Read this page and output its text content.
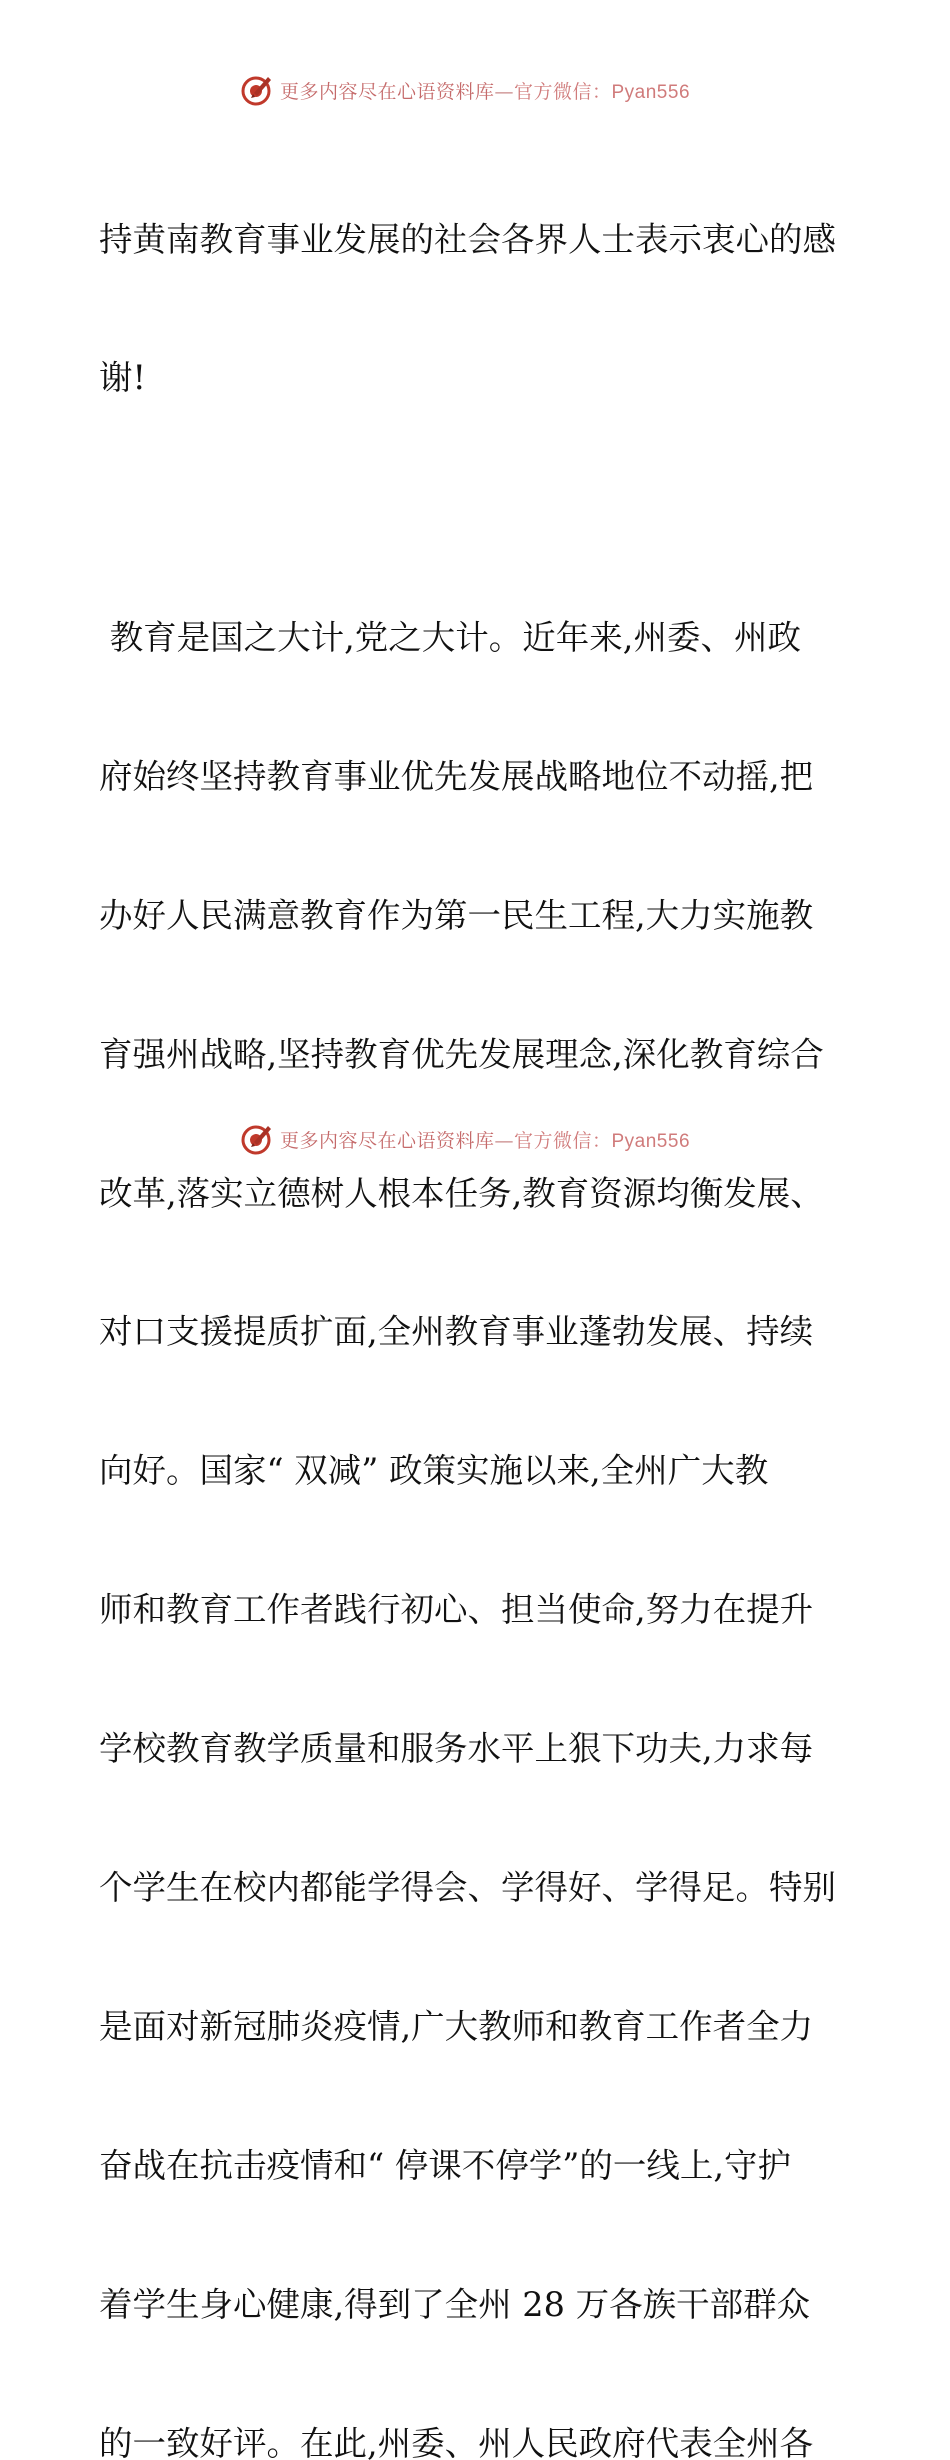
更多内容尽在心语资料库—官方微信：Pyan556

持黄南教育事业发展的社会各界人士表示衷心的感

谢!

教育是国之大计,党之大计。近年来,州委、州政

府始终坚持教育事业优先发展战略地位不动摇,把

办好人民满意教育作为第一民生工程,大力实施教

育强州战略,坚持教育优先发展理念,深化教育综合

改革,落实立德树人根本任务,教育资源均衡发展、

对口支援提质扩面,全州教育事业蓬勃发展、持续

向好。国家“ 双减” 政策实施以来,全州广大教

师和教育工作者践行初心、担当使命,努力在提升

学校教育教学质量和服务水平上狠下功夫,力求每

个学生在校内都能学得会、学得好、学得足。特别

是面对新冠肺炎疫情,广大教师和教育工作者全力

奋战在抗击疫情和“ 停课不停学”的一线上,守护

着学生身心健康,得到了全州 28 万各族干部群众

的一致好评。在此,州委、州人民政府代表全州各

更多内容尽在心语资料库—官方微信：Pyan556
